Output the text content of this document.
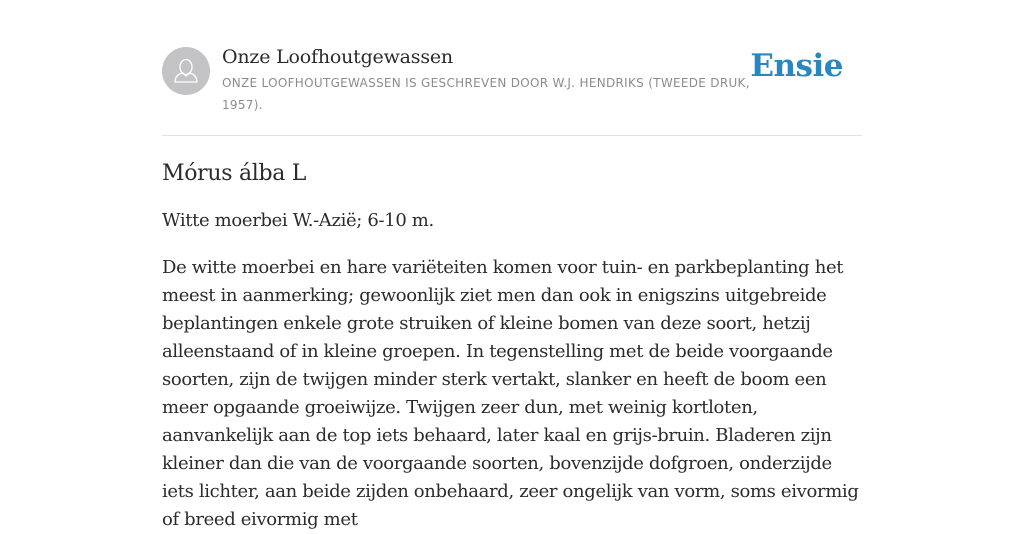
Onze Loofhoutgewassen
ONZE LOOFHOUTGEWASSEN IS GESCHREVEN DOOR W.J. HENDRIKS (TWEEDE DRUK, 1957).
Ensie
Mórus álba L

Witte moerbei W.-Azië; 6-10 m.

De witte moerbei en hare variëteiten komen voor tuin- en parkbeplanting het meest in aanmerking; gewoonlijk ziet men dan ook in enigszins uitgebreide beplantingen enkele grote struiken of kleine bomen van deze soort, hetzij alleenstaand of in kleine groepen. In tegenstelling met de beide voorgaande soorten, zijn de twijgen minder sterk vertakt, slanker en heeft de boom een meer opgaande groeiwijze. Twijgen zeer dun, met weinig kortloten, aanvankelijk aan de top iets behaard, later kaal en grijs-bruin. Bladeren zijn kleiner dan die van de voorgaande soorten, bovenzijde dofgroen, onderzijde iets lichter, aan beide zijden onbehaard, zeer ongelijk van vorm, soms eivormig of breed eivormig met
